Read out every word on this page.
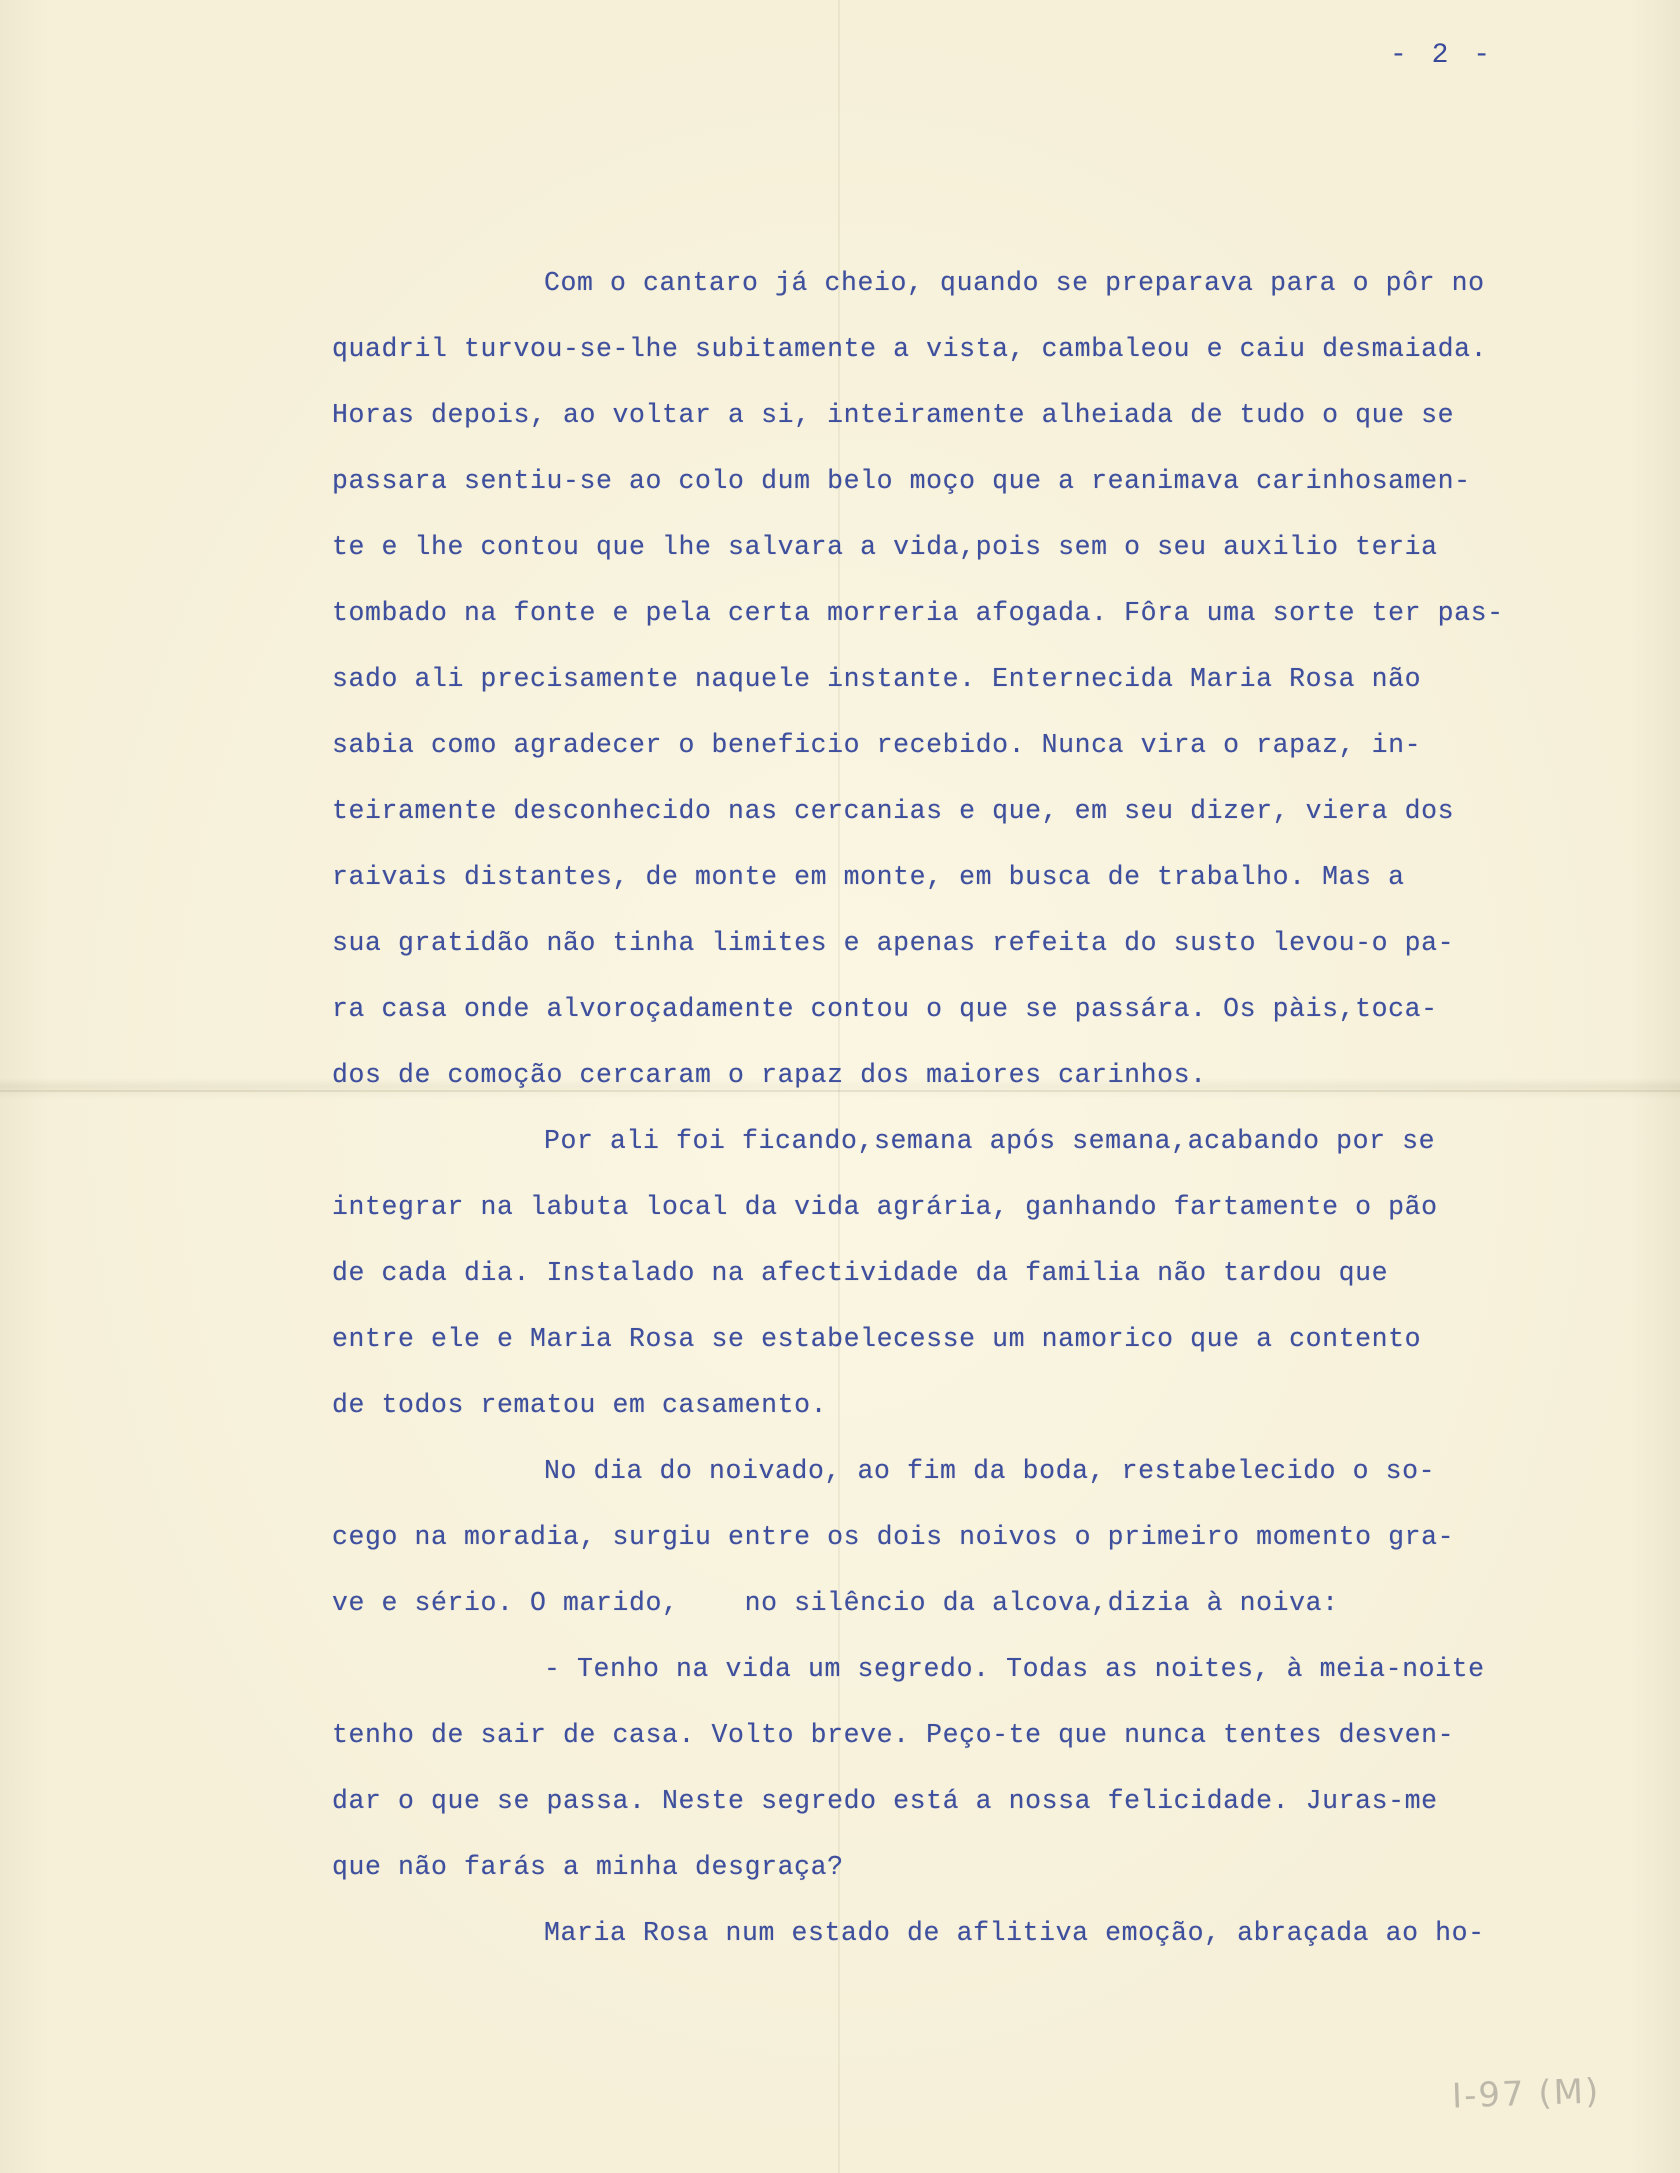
- 2 -
Com o cantaro já cheio, quando se preparava para o pôr no
quadril turvou-se-lhe subitamente a vista, cambaleou e caiu desmaiada.
Horas depois, ao voltar a si, inteiramente alheiada de tudo o que se
passara sentiu-se ao colo dum belo moço que a reanimava carinhosamen-
te e lhe contou que lhe salvara a vida,pois sem o seu auxilio teria
tombado na fonte e pela certa morreria afogada. Fôra uma sorte ter pas-
sado ali precisamente naquele instante. Enternecida Maria Rosa não
sabia como agradecer o beneficio recebido. Nunca vira o rapaz, in-
teiramente desconhecido nas cercanias e que, em seu dizer, viera dos
raivais distantes, de monte em monte, em busca de trabalho. Mas a
sua gratidão não tinha limites e apenas refeita do susto levou-o pa-
ra casa onde alvoroçadamente contou o que se passára. Os pàis,toca-
dos de comoção cercaram o rapaz dos maiores carinhos.
Por ali foi ficando,semana após semana,acabando por se
integrar na labuta local da vida agrária, ganhando fartamente o pão
de cada dia. Instalado na afectividade da familia não tardou que
entre ele e Maria Rosa se estabelecesse um namorico que a contento
de todos rematou em casamento.
No dia do noivado, ao fim da boda, restabelecido o so-
cego na moradia, surgiu entre os dois noivos o primeiro momento gra-
ve e sério. O marido,    no silêncio da alcova,dizia à noiva:
- Tenho na vida um segredo. Todas as noites, à meia-noite
tenho de sair de casa. Volto breve. Peço-te que nunca tentes desven-
dar o que se passa. Neste segredo está a nossa felicidade. Juras-me
que não farás a minha desgraça?
Maria Rosa num estado de aflitiva emoção, abraçada ao ho-
I-97 (M)
